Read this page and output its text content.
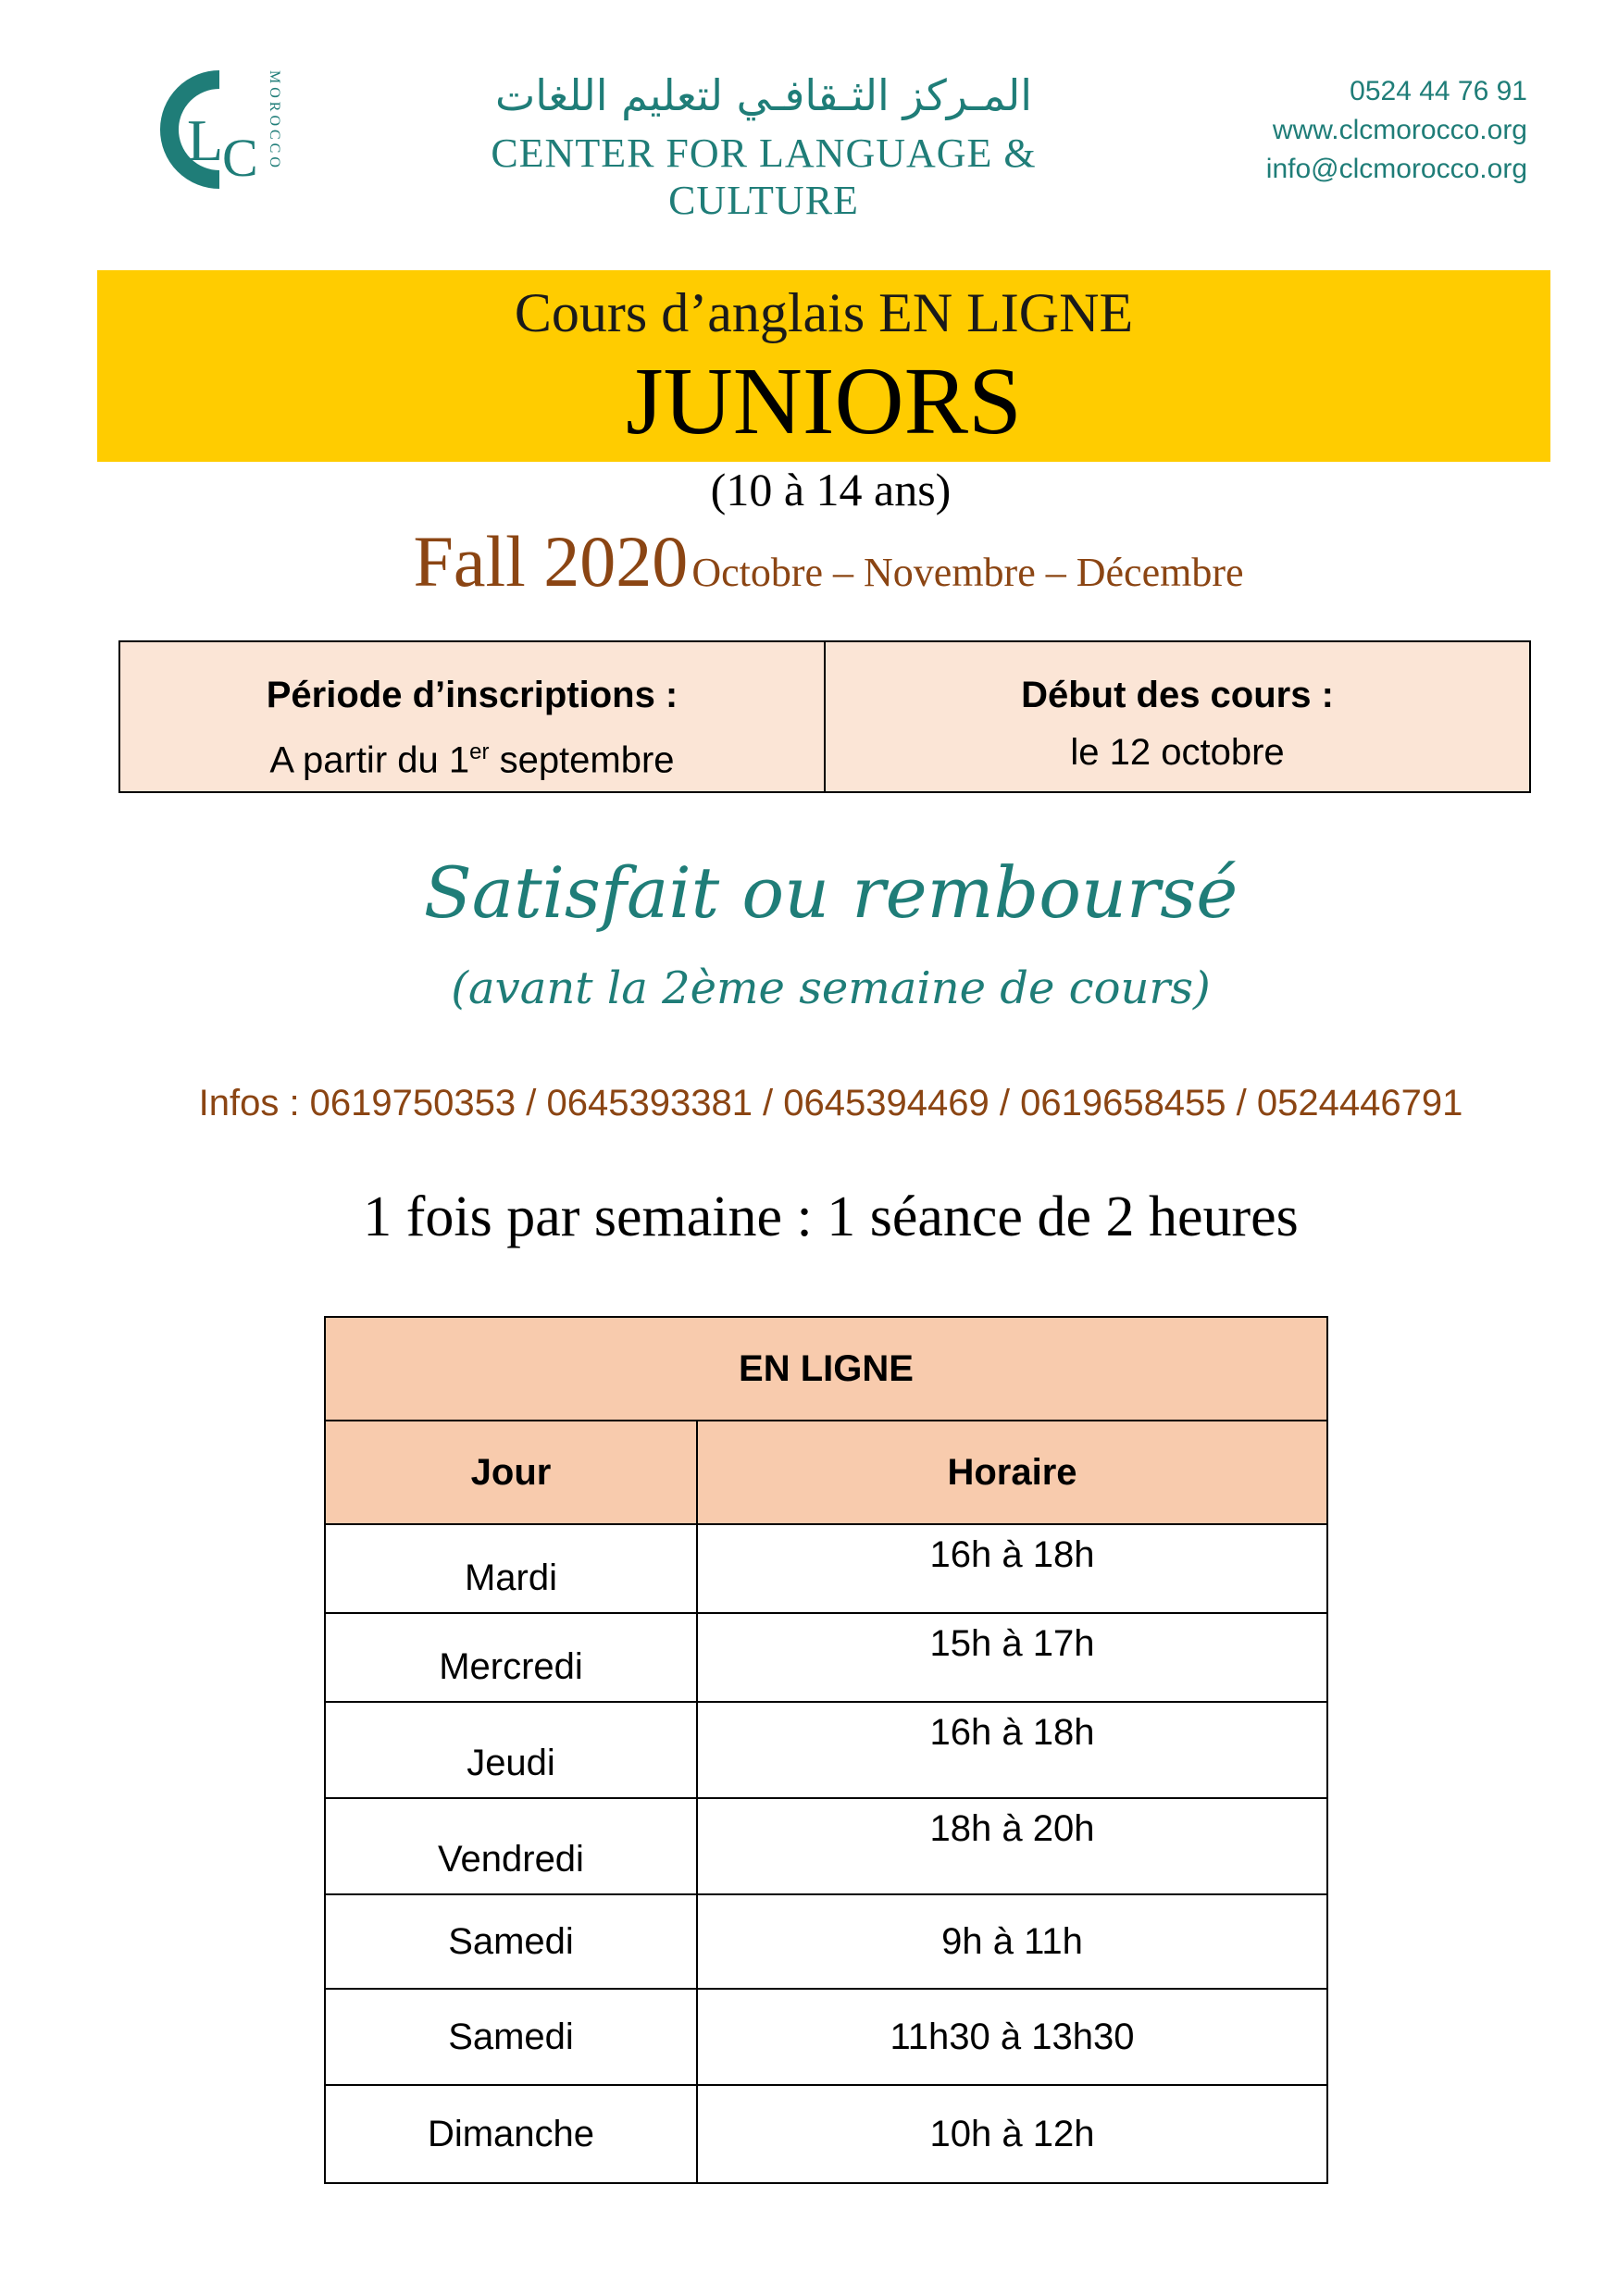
L
C MOROCCO	المـركز الثـقافـي لتعليم اللغات
CENTER FOR LANGUAGE & CULTURE
0524 44 76 91
www.clcmorocco.org
info@clcmorocco.org
Cours d’anglais EN LIGNE
JUNIORS
(10 à 14 ans)
Fall 2020 Octobre – Novembre – Décembre
Période d’inscriptions :
A partir du 1er septembre
Début des cours :
le 12 octobre
Satisfait ou remboursé
(avant la 2ème semaine de cours)
Infos : 0619750353 / 0645393381 / 0645394469 / 0619658455 / 0524446791
1 fois par semaine : 1 séance de 2 heures
EN LIGNE	
Jour	Horaire
Mardi	16h à 18h
Mercredi	15h à 17h
Jeudi	16h à 18h
Vendredi	18h à 20h
Samedi	9h à 11h
Samedi	11h30 à 13h30
Dimanche	10h à 12h
